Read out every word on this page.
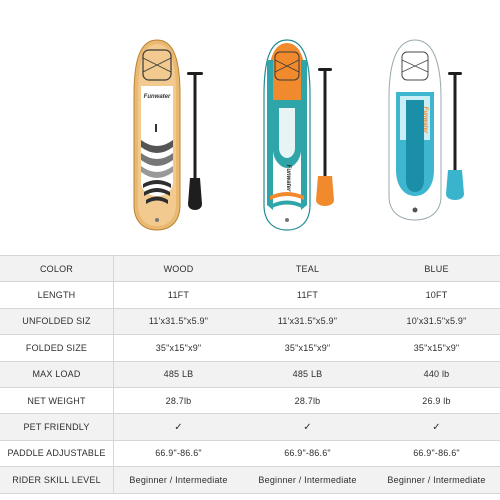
Funwater
Funwater
Funwater
COLOR	WOOD	TEAL	BLUE
LENGTH	11FT	11FT	10FT
UNFOLDED SIZ	11'x31.5"x5.9"	11'x31.5"x5.9"	10'x31.5"x5.9"
FOLDED SIZE	35"x15"x9"	35"x15"x9"	35"x15"x9"
MAX LOAD	485 LB	485 LB	440 lb
NET WEIGHT	28.7lb	28.7lb	26.9 lb
PET FRIENDLY	✓	✓	✓
PADDLE ADJUSTABLE	66.9"-86.6"	66.9"-86.6"	66.9"-86.6"
RIDER SKILL LEVEL	Beginner / Intermediate	Beginner / Intermediate	Beginner / Intermediate
